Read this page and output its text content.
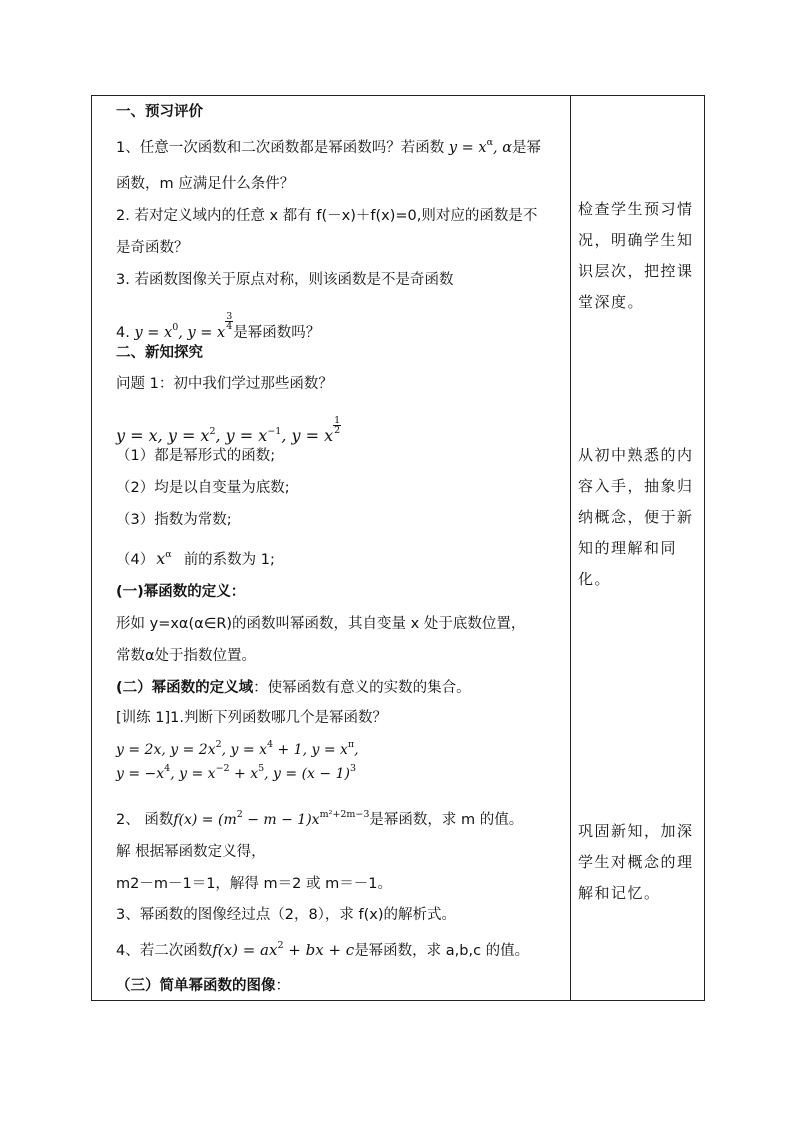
一、预习评价
1、任意一次函数和二次函数都是幂函数吗？若函数 $y = x^\alpha$, α是幂
函数，m 应满足什么条件？
2. 若对定义域内的任意 x 都有 f(－x)＋f(x)=0,则对应的函数是不
是奇函数？
3. 若函数图像关于原点对称，则该函数是不是奇函数
4. $y = x^0$, y = x
$\frac{3}{4}$
是幂函数吗？
二、新知探究
问题 1：初中我们学过那些函数？
y = x, $y = x^2$, $y = x^{-1}$, y = x
$\frac{1}{2}$
（1）都是幂形式的函数;
（2）均是以自变量为底数;
（3）指数为常数;
（4） $x^\alpha$ 前的系数为 1;
(一)幂函数的定义：
形如 y=xα(α∈R)的函数叫幂函数，其自变量 x 处于底数位置，
常数α处于指数位置。
(二）幂函数的定义域：使幂函数有意义的实数的集合。
[训练 1]1.判断下列函数哪几个是幂函数？
y = 2x, $y = 2x^2$, $y = x^4 + 1$, $y = x^\pi$,
$y = -x^4$, $y = x^{-2} + x^5$, $y = (x - 1)^3$
2、 函数$f(x) = (m^2 - m - 1)x^{m^2+2m-3}$是幂函数，求 m 的值。
解 根据幂函数定义得，
m2－m－1＝1，解得 m＝2 或 m＝－1。
3、幂函数的图像经过点（2，8），求 f(x)的解析式。
4、若二次函数$f(x) = ax^2$ + bx + c是幂函数，求 a,b,c 的值。
（三）简单幂函数的图像：
检查学生预习情况，明确学生知识层次，把控课堂深度。
从初中熟悉的内容入手，抽象归纳概念，便于新知的理解和同化。
巩固新知，加深学生对概念的理解和记忆。
